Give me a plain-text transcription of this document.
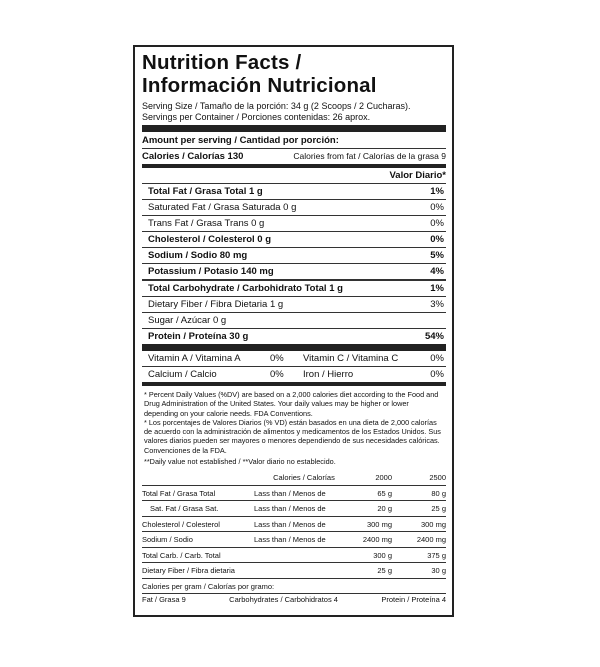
Nutrition Facts /
Información Nutricional
Serving Size / Tamaño de la porción: 34 g (2 Scoops / 2 Cucharas).
Servings per Container / Porciones contenidas: 26 aprox.
Amount per serving / Cantidad por porción:
Calories / Calorías 130	Calories from fat / Calorías de la grasa 9
Valor Diario*
Total Fat / Grasa Total 1 g	1%
Saturated Fat / Grasa Saturada 0 g	0%
Trans Fat / Grasa Trans 0 g	0%
Cholesterol / Colesterol 0 g	0%
Sodium / Sodio 80 mg	5%
Potassium / Potasio 140 mg	4%
Total Carbohydrate / Carbohidrato Total 1 g	1%
Dietary Fiber / Fibra Dietaria 1 g	3%
Sugar / Azúcar 0 g
Protein / Proteína 30 g	54%
Vitamin A / Vitamina A	0%	Vitamin C / Vitamina C	0%
Calcium / Calcio	0%	Iron / Hierro	0%
* Percent Daily Values (%DV) are based on a 2,000 calories diet according to the Food and Drug Administration of the United States. Your daily values may be higher or lower depending on your calorie needs. FDA Conventions.
* Los porcentajes de Valores Diarios (% VD) están basados en una dieta de 2,000 calorías de acuerdo con la administración de alimentos y medicamentos de los Estados Unidos. Sus valores diarios pueden ser mayores o menores dependiendo de sus necesidades calóricas. Convenciones de la FDA.
**Daily value not established / **Valor diario no establecido.
	Calories / Calorías	2000	2500
Total Fat / Grasa Total	Lass than / Menos de	65 g	80 g
Sat. Fat / Grasa Sat.	Lass than / Menos de	20 g	25 g
Cholesterol / Colesterol	Lass than / Menos de	300 mg	300 mg
Sodium / Sodio	Lass than / Menos de	2400 mg	2400 mg
Total Carb. / Carb. Total		300 g	375 g
Dietary Fiber / Fibra dietaria		25 g	30 g
Calories per gram / Calorías por gramo:
Fat / Grasa 9	Carbohydrates / Carbohidratos 4	Protein / Proteína 4
